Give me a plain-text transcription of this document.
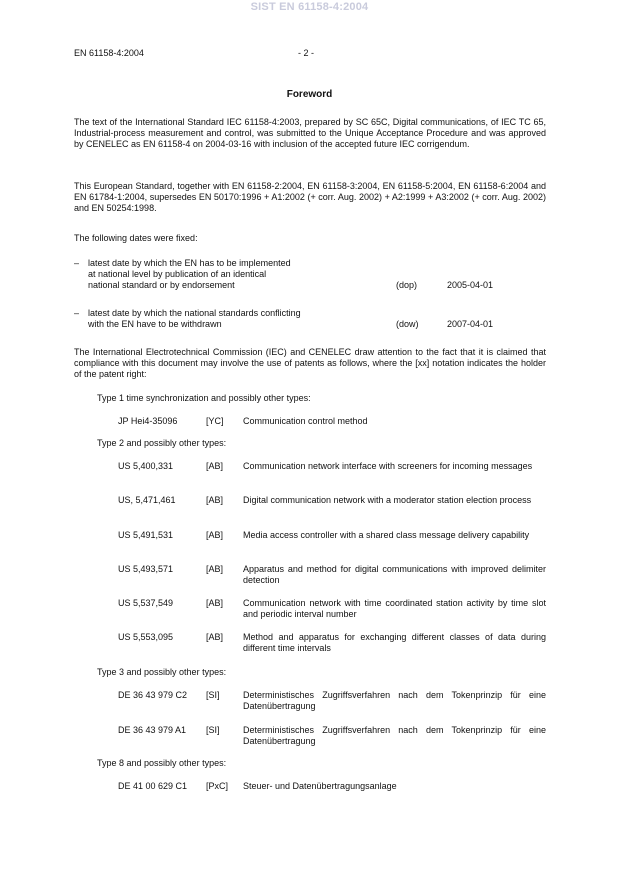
SIST EN 61158-4:2004
EN 61158-4:2004	- 2 -
Foreword
The text of the International Standard IEC 61158-4:2003, prepared by SC 65C, Digital communications, of IEC TC 65, Industrial-process measurement and control, was submitted to the Unique Acceptance Procedure and was approved by CENELEC as EN 61158-4 on 2004-03-16 with inclusion of the accepted future IEC corrigendum.
This European Standard, together with EN 61158-2:2004, EN 61158-3:2004, EN 61158-5:2004, EN 61158-6:2004 and EN 61784-1:2004, supersedes EN 50170:1996 + A1:2002 (+ corr. Aug. 2002) + A2:1999 + A3:2002 (+ corr. Aug. 2002) and EN 50254:1998.
The following dates were fixed:
– latest date by which the EN has to be implemented
at national level by publication of an identical
national standard or by endorsement	(dop)	2005-04-01
– latest date by which the national standards conflicting
with the EN have to be withdrawn	(dow)	2007-04-01
The International Electrotechnical Commission (IEC) and CENELEC draw attention to the fact that it is claimed that compliance with this document may involve the use of patents as follows, where the [xx] notation indicates the holder of the patent right:
Type 1 time synchronization and possibly other types:
JP Hei4-35096	[YC] Communication control method
Type 2 and possibly other types:
US 5,400,331	[AB] Communication network interface with screeners for incoming messages
US, 5,471,461	[AB] Digital communication network with a moderator station election process
US 5,491,531	[AB] Media access controller with a shared class message delivery capability
US 5,493,571	[AB] Apparatus and method for digital communications with improved delimiter detection
US 5,537,549	[AB] Communication network with time coordinated station activity by time slot and periodic interval number
US 5,553,095	[AB] Method and apparatus for exchanging different classes of data during different time intervals
Type 3 and possibly other types:
DE 36 43 979 C2 [SI]	Deterministisches Zugriffsverfahren nach dem Tokenprinzip für eine Datenübertragung
DE 36 43 979 A1 [SI]	Deterministisches Zugriffsverfahren nach dem Tokenprinzip für eine Datenübertragung
Type 8 and possibly other types:
DE 41 00 629 C1 [PxC] Steuer- und Datenübertragungsanlage
